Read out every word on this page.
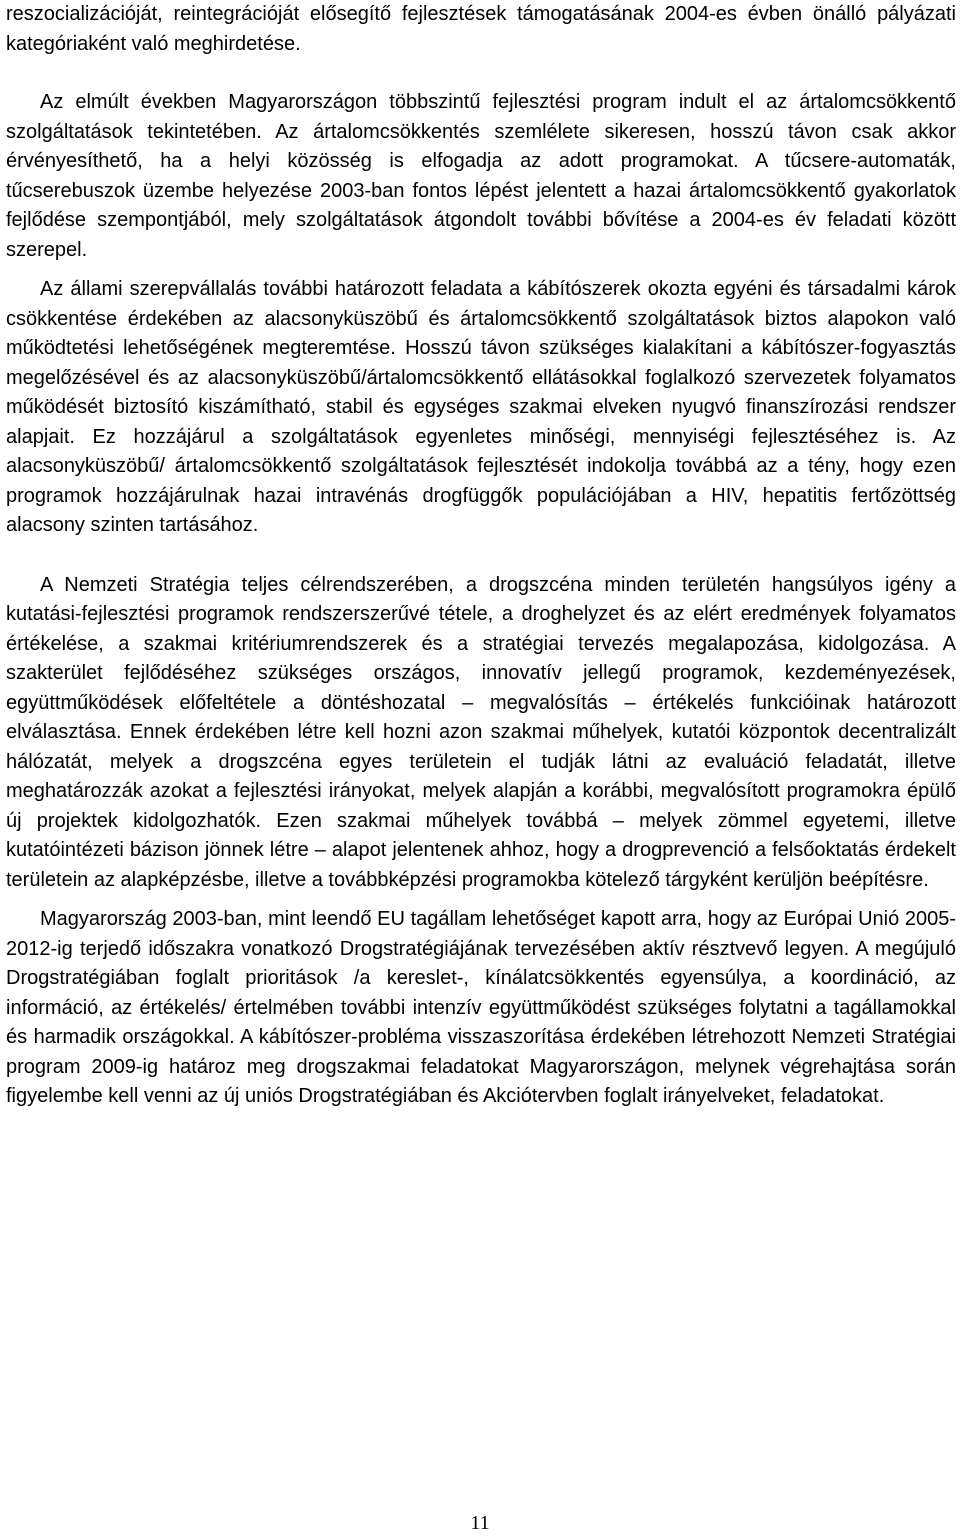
reszocializációját, reintegrációját elősegítő fejlesztések támogatásának 2004-es évben önálló pályázati kategóriaként való meghirdetése.

Az elmúlt években Magyarországon többszintű fejlesztési program indult el az ártalomcsökkentő szolgáltatások tekintetében. Az ártalomcsökkentés szemlélete sikeresen, hosszú távon csak akkor érvényesíthető, ha a helyi közösség is elfogadja az adott programokat. A tűcsere-automaták, tűcserebuszok üzembe helyezése 2003-ban fontos lépést jelentett a hazai ártalomcsökkentő gyakorlatok fejlődése szempontjából, mely szolgáltatások átgondolt további bővítése a 2004-es év feladati között szerepel.

Az állami szerepvállalás további határozott feladata a kábítószerek okozta egyéni és társadalmi károk csökkentése érdekében az alacsonyküszöbű és ártalomcsökkentő szolgáltatások biztos alapokon való működtetési lehetőségének megteremtése. Hosszú távon szükséges kialakítani a kábítószer-fogyasztás megelőzésével és az alacsonyküszöbű/ártalomcsökkentő ellátásokkal foglalkozó szervezetek folyamatos működését biztosító kiszámítható, stabil és egységes szakmai elveken nyugvó finanszírozási rendszer alapjait. Ez hozzájárul a szolgáltatások egyenletes minőségi, mennyiségi fejlesztéséhez is. Az alacsonyküszöbű/ ártalomcsökkentő szolgáltatások fejlesztését indokolja továbbá az a tény, hogy ezen programok hozzájárulnak hazai intravénás drogfüggők populációjában a HIV, hepatitis fertőzöttség alacsony szinten tartásához.

A Nemzeti Stratégia teljes célrendszerében, a drogszcéna minden területén hangsúlyos igény a kutatási-fejlesztési programok rendszerszerűvé tétele, a droghelyzet és az elért eredmények folyamatos értékelése, a szakmai kritériumrendszerek és a stratégiai tervezés megalapozása, kidolgozása. A szakterület fejlődéséhez szükséges országos, innovatív jellegű programok, kezdeményezések, együttműködések előfeltétele a döntéshozatal – megvalósítás – értékelés funkcióinak határozott elválasztása. Ennek érdekében létre kell hozni azon szakmai műhelyek, kutatói központok decentralizált hálózatát, melyek a drogszcéna egyes területein el tudják látni az evaluáció feladatát, illetve meghatározzák azokat a fejlesztési irányokat, melyek alapján a korábbi, megvalósított programokra épülő új projektek kidolgozhatók. Ezen szakmai műhelyek továbbá – melyek zömmel egyetemi, illetve kutatóintézeti bázison jönnek létre – alapot jelentenek ahhoz, hogy a drogprevenció a felsőoktatás érdekelt területein az alapképzésbe, illetve a továbbképzési programokba kötelező tárgyként kerüljön beépítésre.

Magyarország 2003-ban, mint leendő EU tagállam lehetőséget kapott arra, hogy az Európai Unió 2005-2012-ig terjedő időszakra vonatkozó Drogstratégiájának tervezésében aktív résztvevő legyen. A megújuló Drogstratégiában foglalt prioritások /a kereslet-, kínálatcsökkentés egyensúlya, a koordináció, az információ, az értékelés/ értelmében további intenzív együttműködést szükséges folytatni a tagállamokkal és harmadik országokkal. A kábítószer-probléma visszaszorítása érdekében létrehozott Nemzeti Stratégiai program 2009-ig határoz meg drogszakmai feladatokat Magyarországon, melynek végrehajtása során figyelembe kell venni az új uniós Drogstratégiában és Akciótervben foglalt irányelveket, feladatokat.

11
